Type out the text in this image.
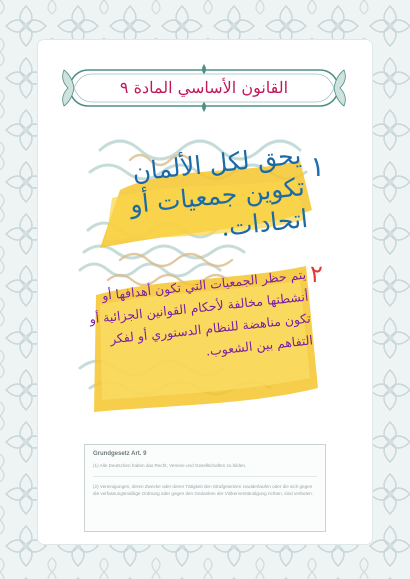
القانون الأساسي المادة ٩
١
يحق لكل الألمان تكوين جمعيات أو اتحادات.
٢
يتم حظر الجمعيات التي تكون أهدافها أو أنشطتها مخالفة لأحكام القوانين الجزائية أو تكون مناهضة للنظام الدستوري أو لفكر التفاهم بين الشعوب.
Grundgesetz Art. 9
(1) Alle Deutschen haben das Recht, Vereine und Gesellschaften zu bilden.
(2) Vereinigungen, deren Zwecke oder deren Tätigkeit den Strafgesetzen zuwiderlaufen oder die sich gegen die verfassungsmäßige Ordnung oder gegen den Gedanken der Völkerverständigung richten, sind verboten.
